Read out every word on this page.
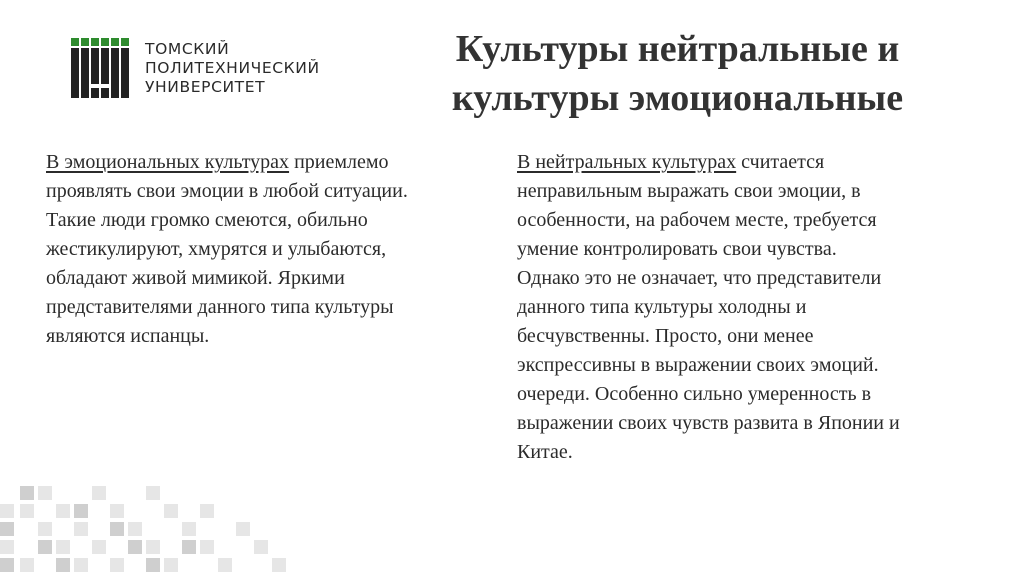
ТОМСКИЙ
ПОЛИТЕХНИЧЕСКИЙ
УНИВЕРСИТЕТ
Культуры нейтральные и
культуры эмоциональные
В эмоциональных культурах приемлемо
проявлять свои эмоции в любой ситуации.
Такие люди громко смеются, обильно
жестикулируют, хмурятся и улыбаются,
обладают живой мимикой. Яркими
представителями данного типа культуры
являются испанцы.
В нейтральных культурах считается
неправильным выражать свои эмоции, в
особенности, на рабочем месте, требуется
умение контролировать свои чувства.
Однако это не означает, что представители
данного типа культуры холодны и
бесчувственны. Просто, они менее
экспрессивны в выражении своих эмоций.
очереди. Особенно сильно умеренность в
выражении своих чувств развита в Японии и
Китае.
